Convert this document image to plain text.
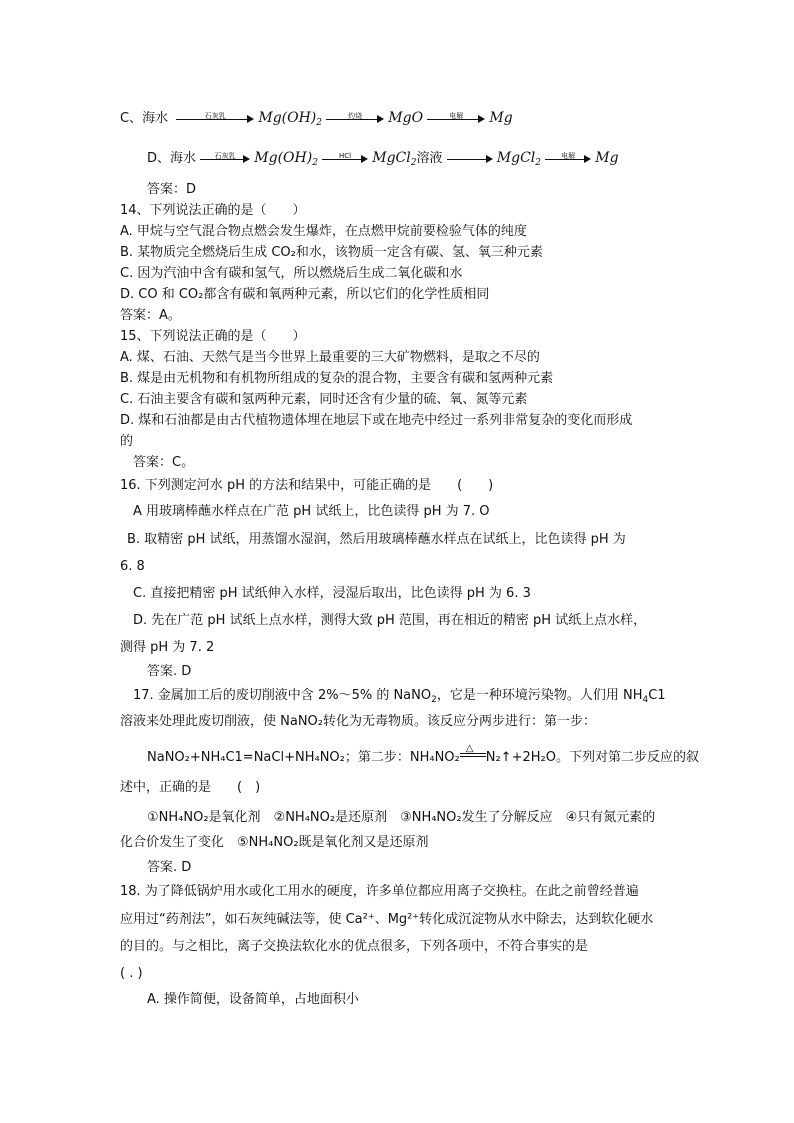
C、海水	石灰乳	$Mg(OH)_2$
灼烧	MgO	电解	Mg
D、海水	石灰乳	$Mg(OH)_2$
HCl	MgCl$_2$溶液	MgCl$_2$
电解	Mg
答案：D
14、下列说法正确的是（　　）
A. 甲烷与空气混合物点燃会发生爆炸，在点燃甲烷前要检验气体的纯度
B. 某物质完全燃烧后生成 CO₂和水，该物质一定含有碳、氢、氧三种元素
C. 因为汽油中含有碳和氢气，所以燃烧后生成二氧化碳和水
D. CO 和 CO₂都含有碳和氧两种元素，所以它们的化学性质相同
答案：A。
15、下列说法正确的是（　　）
A. 煤、石油、天然气是当今世界上最重要的三大矿物燃料，是取之不尽的
B. 煤是由无机物和有机物所组成的复杂的混合物，主要含有碳和氢两种元素
C. 石油主要含有碳和氢两种元素，同时还含有少量的硫、氧、氮等元素
D. 煤和石油都是由古代植物遗体埋在地层下或在地壳中经过一系列非常复杂的变化而形成
的
答案：C。
16. 下列测定河水 pH 的方法和结果中，可能正确的是　　(　　)
A 用玻璃棒蘸水样点在广范 pH 试纸上，比色读得 pH 为 7. O
B. 取精密 pH 试纸，用蒸馏水湿润，然后用玻璃棒蘸水样点在试纸上，比色读得 pH 为
6. 8
C. 直接把精密 pH 试纸伸入水样，浸湿后取出，比色读得 pH 为 6. 3
D. 先在广范 pH 试纸上点水样，测得大致 pH 范围，再在相近的精密 pH 试纸上点水样，
测得 pH 为 7. 2
答案. D
17. 金属加工后的废切削液中含 2%～5% 的 NaNO$_2$，它是一种环境污染物。人们用 $NH_4C1$
溶液来处理此废切削液，使 NaNO₂转化为无毒物质。该反应分两步进行：第一步：
NaNO₂+NH₄C1=NaCl+NH₄NO₂；第二步：NH₄NO₂
△
N₂↑+2H₂O。下列对第二步反应的叙
述中，正确的是　　(　)
①NH₄NO₂是氧化剂　②NH₄NO₂是还原剂　③NH₄NO₂发生了分解反应　④只有氮元素的
化合价发生了变化　⑤NH₄NO₂既是氧化剂又是还原剂
答案. D
18. 为了降低锅炉用水或化工用水的硬度，许多单位都应用离子交换柱。在此之前曾经普遍
应用过“药剂法”，如石灰纯碱法等，使 Ca²⁺、Mg²⁺转化成沉淀物从水中除去，达到软化硬水
的目的。与之相比，离子交换法软化水的优点很多，下列各项中，不符合事实的是
( . )
A. 操作简便，设备简单，占地面积小
